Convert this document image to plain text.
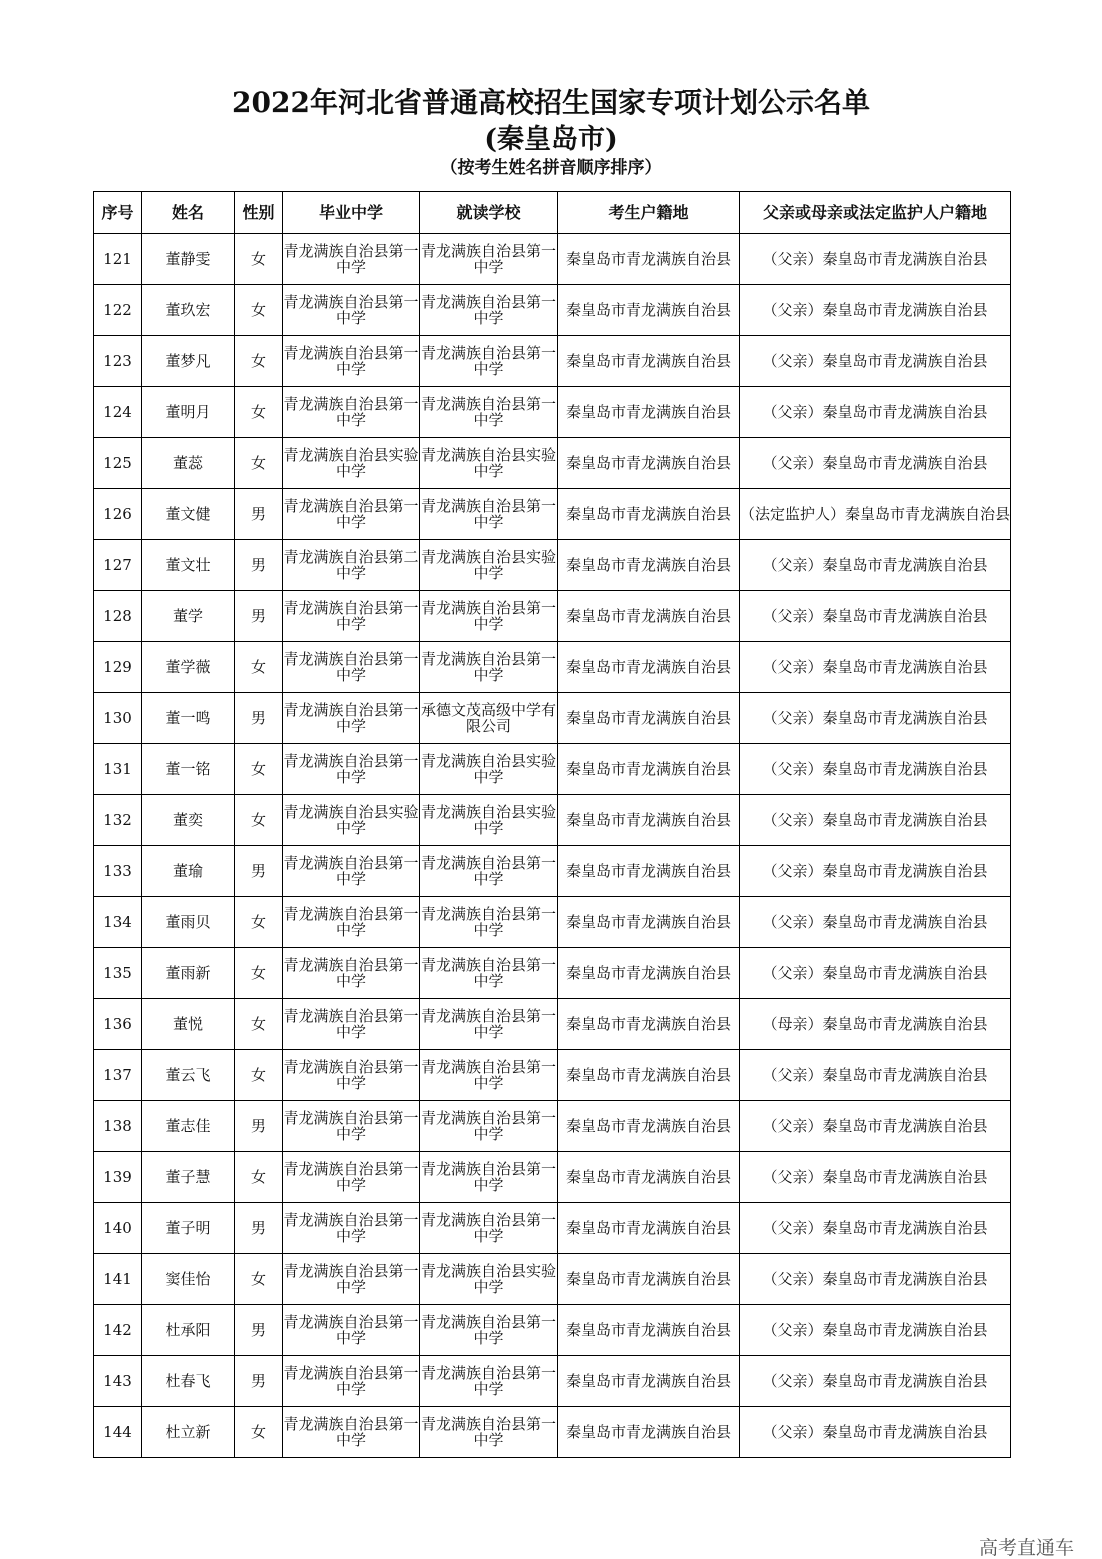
2022年河北省普通高校招生国家专项计划公示名单
(秦皇岛市)
（按考生姓名拼音顺序排序）
序号	姓名	性别	毕业中学	就读学校	考生户籍地	父亲或母亲或法定监护人户籍地
121	董静雯	女	青龙满族自治县第一中学	青龙满族自治县第一中学	秦皇岛市青龙满族自治县	（父亲）秦皇岛市青龙满族自治县
122	董玖宏	女	青龙满族自治县第一中学	青龙满族自治县第一中学	秦皇岛市青龙满族自治县	（父亲）秦皇岛市青龙满族自治县
123	董梦凡	女	青龙满族自治县第一中学	青龙满族自治县第一中学	秦皇岛市青龙满族自治县	（父亲）秦皇岛市青龙满族自治县
124	董明月	女	青龙满族自治县第一中学	青龙满族自治县第一中学	秦皇岛市青龙满族自治县	（父亲）秦皇岛市青龙满族自治县
125	董蕊	女	青龙满族自治县实验中学	青龙满族自治县实验中学	秦皇岛市青龙满族自治县	（父亲）秦皇岛市青龙满族自治县
126	董文健	男	青龙满族自治县第一中学	青龙满族自治县第一中学	秦皇岛市青龙满族自治县	（法定监护人）秦皇岛市青龙满族自治县
127	董文壮	男	青龙满族自治县第二中学	青龙满族自治县实验中学	秦皇岛市青龙满族自治县	（父亲）秦皇岛市青龙满族自治县
128	董学	男	青龙满族自治县第一中学	青龙满族自治县第一中学	秦皇岛市青龙满族自治县	（父亲）秦皇岛市青龙满族自治县
129	董学薇	女	青龙满族自治县第一中学	青龙满族自治县第一中学	秦皇岛市青龙满族自治县	（父亲）秦皇岛市青龙满族自治县
130	董一鸣	男	青龙满族自治县第一中学	承德文茂高级中学有限公司	秦皇岛市青龙满族自治县	（父亲）秦皇岛市青龙满族自治县
131	董一铭	女	青龙满族自治县第一中学	青龙满族自治县实验中学	秦皇岛市青龙满族自治县	（父亲）秦皇岛市青龙满族自治县
132	董奕	女	青龙满族自治县实验中学	青龙满族自治县实验中学	秦皇岛市青龙满族自治县	（父亲）秦皇岛市青龙满族自治县
133	董瑜	男	青龙满族自治县第一中学	青龙满族自治县第一中学	秦皇岛市青龙满族自治县	（父亲）秦皇岛市青龙满族自治县
134	董雨贝	女	青龙满族自治县第一中学	青龙满族自治县第一中学	秦皇岛市青龙满族自治县	（父亲）秦皇岛市青龙满族自治县
135	董雨新	女	青龙满族自治县第一中学	青龙满族自治县第一中学	秦皇岛市青龙满族自治县	（父亲）秦皇岛市青龙满族自治县
136	董悦	女	青龙满族自治县第一中学	青龙满族自治县第一中学	秦皇岛市青龙满族自治县	（母亲）秦皇岛市青龙满族自治县
137	董云飞	女	青龙满族自治县第一中学	青龙满族自治县第一中学	秦皇岛市青龙满族自治县	（父亲）秦皇岛市青龙满族自治县
138	董志佳	男	青龙满族自治县第一中学	青龙满族自治县第一中学	秦皇岛市青龙满族自治县	（父亲）秦皇岛市青龙满族自治县
139	董子慧	女	青龙满族自治县第一中学	青龙满族自治县第一中学	秦皇岛市青龙满族自治县	（父亲）秦皇岛市青龙满族自治县
140	董子明	男	青龙满族自治县第一中学	青龙满族自治县第一中学	秦皇岛市青龙满族自治县	（父亲）秦皇岛市青龙满族自治县
141	窦佳怡	女	青龙满族自治县第一中学	青龙满族自治县实验中学	秦皇岛市青龙满族自治县	（父亲）秦皇岛市青龙满族自治县
142	杜承阳	男	青龙满族自治县第一中学	青龙满族自治县第一中学	秦皇岛市青龙满族自治县	（父亲）秦皇岛市青龙满族自治县
143	杜春飞	男	青龙满族自治县第一中学	青龙满族自治县第一中学	秦皇岛市青龙满族自治县	（父亲）秦皇岛市青龙满族自治县
144	杜立新	女	青龙满族自治县第一中学	青龙满族自治县第一中学	秦皇岛市青龙满族自治县	（父亲）秦皇岛市青龙满族自治县
高考直通车
